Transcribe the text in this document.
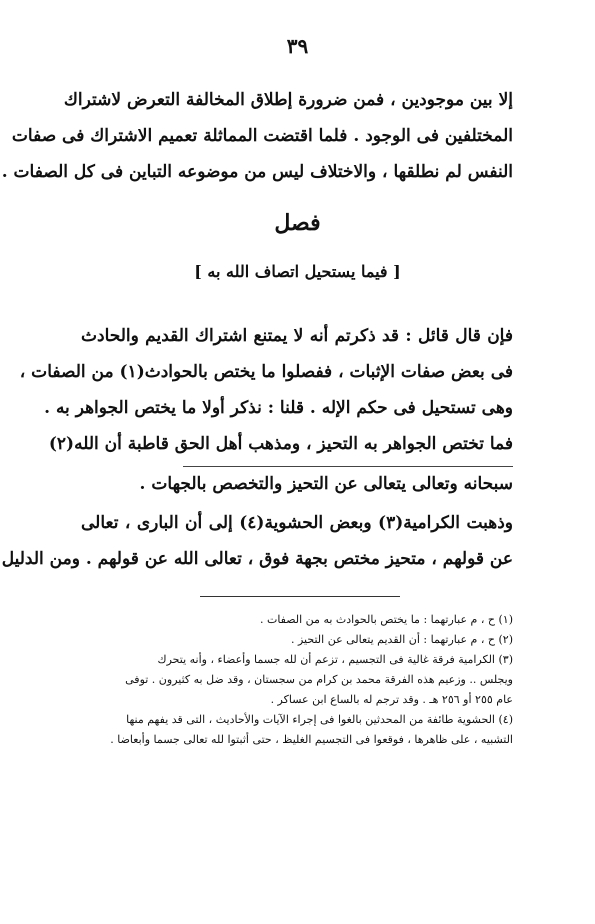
٣٩
إلا بين موجودين ، فمن ضرورة إطلاق المخالفة التعرض لاشتراك
المختلفين فى الوجود . فلما اقتضت المماثلة تعميم الاشتراك فى صفات
النفس لم نطلقها ، والاختلاف ليس من موضوعه التباين فى كل الصفات .
فصل
[ فيما يستحيل اتصاف الله به ]
فإن قال قائل : قد ذكرتم أنه لا يمتنع اشتراك القديم والحادث
فى بعض صفات الإثبات ، ففصلوا ما يختص بالحوادث(١) من الصفات ،
وهى تستحيل فى حكم الإله . قلنا : نذكر أولا ما يختص الجواهر به .
فما تختص الجواهر به التحيز ، ومذهب أهل الحق قاطبة أن الله(٢)
سبحانه وتعالى يتعالى عن التحيز والتخصص بالجهات .
وذهبت الكرامية(٣) وبعض الحشوية(٤) إلى أن البارى ، تعالى
عن قولهم ، متحيز مختص بجهة فوق ، تعالى الله عن قولهم . ومن الدليل
(١) ح ، م عبارتهما : ما يختص بالحوادث به من الصفات .
(٢) ح ، م عبارتهما : أن القديم يتعالى عن التحيز .
(٣) الكرامية فرقة غالية فى التجسيم ، تزعم أن لله جسما وأعضاء ، وأنه يتحرك
ويجلس .. وزعيم هذه الفرقة محمد بن كرام من سجستان ، وقد ضل به كثيرون . توفى
عام ٢٥٥ أو ٢٥٦ هـ . وقد ترجم له بالساع ابن عساكر .
(٤) الحشوية طائفة من المحدثين بالغوا فى إجراء الآيات والأحاديث ، التى قد يفهم منها
التشبيه ، على ظاهرها ، فوقعوا فى التجسيم الغليظ ، حتى أثبتوا لله تعالى جسما وأبعاضا .
